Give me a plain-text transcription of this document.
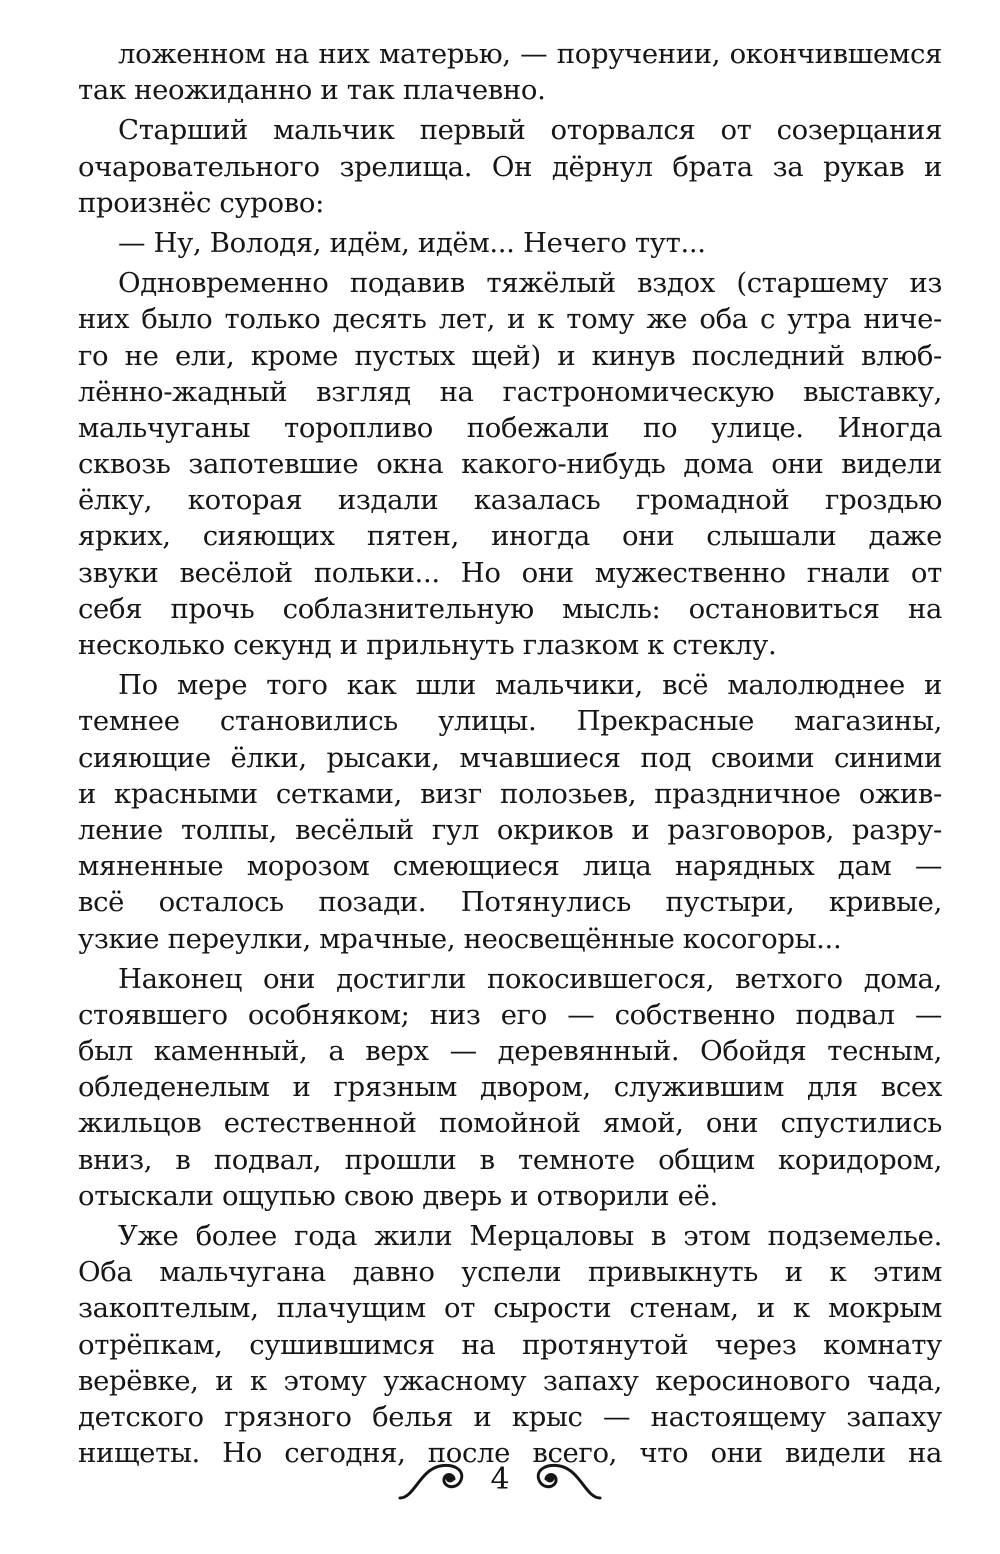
ложенном на них матерью, — поручении, окончившемся
так неожиданно и так плачевно.
Старший мальчик первый оторвался от созерцания
очаровательного зрелища. Он дёрнул брата за рукав и
произнёс сурово:
— Ну, Володя, идём, идём... Нечего тут...
Одновременно подавив тяжёлый вздох (старшему из
них было только десять лет, и к тому же оба с утра ниче-
го не ели, кроме пустых щей) и кинув последний влюб-
лённо-жадный взгляд на гастрономическую выставку,
мальчуганы торопливо побежали по улице. Иногда
сквозь запотевшие окна какого-нибудь дома они видели
ёлку, которая издали казалась громадной гроздью
ярких, сияющих пятен, иногда они слышали даже
звуки весёлой польки... Но они мужественно гнали от
себя прочь соблазнительную мысль: остановиться на
несколько секунд и прильнуть глазком к стеклу.
По мере того как шли мальчики, всё малолюднее и
темнее становились улицы. Прекрасные магазины,
сияющие ёлки, рысаки, мчавшиеся под своими синими
и красными сетками, визг полозьев, праздничное ожив-
ление толпы, весёлый гул окриков и разговоров, разру-
мяненные морозом смеющиеся лица нарядных дам —
всё осталось позади. Потянулись пустыри, кривые,
узкие переулки, мрачные, неосвещённые косогоры...
Наконец они достигли покосившегося, ветхого дома,
стоявшего особняком; низ его — собственно подвал —
был каменный, а верх — деревянный. Обойдя тесным,
обледенелым и грязным двором, служившим для всех
жильцов естественной помойной ямой, они спустились
вниз, в подвал, прошли в темноте общим коридором,
отыскали ощупью свою дверь и отворили её.
Уже более года жили Мерцаловы в этом подземелье.
Оба мальчугана давно успели привыкнуть и к этим
закоптелым, плачущим от сырости стенам, и к мокрым
отрёпкам, сушившимся на протянутой через комнату
верёвке, и к этому ужасному запаху керосинового чада,
детского грязного белья и крыс — настоящему запаху
нищеты. Но сегодня, после всего, что они видели на
4
